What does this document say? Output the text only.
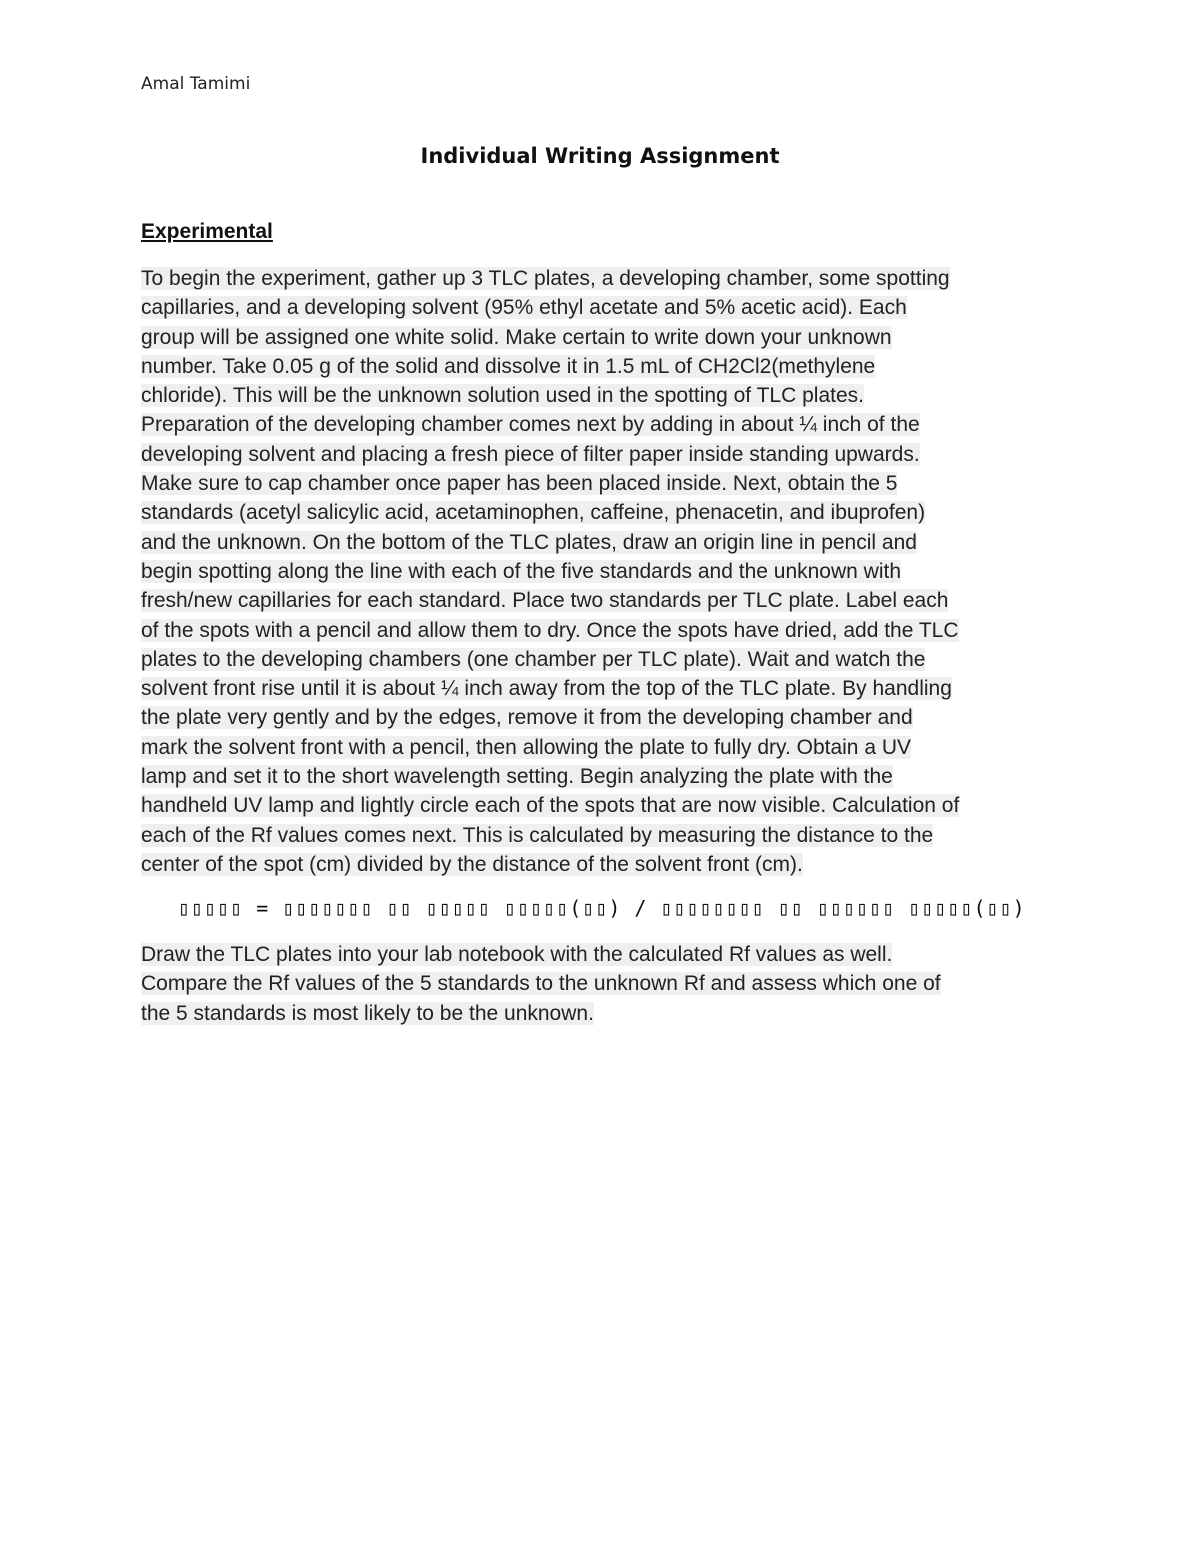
Amal Tamimi
Individual Writing Assignment
Experimental
To begin the experiment, gather up 3 TLC plates, a developing chamber, some spotting
capillaries, and a developing solvent (95% ethyl acetate and 5% acetic acid). Each
group will be assigned one white solid. Make certain to write down your unknown
number. Take 0.05 g of the solid and dissolve it in 1.5 mL of CH2Cl2(methylene
chloride). This will be the unknown solution used in the spotting of TLC plates.
Preparation of the developing chamber comes next by adding in about ¼ inch of the
developing solvent and placing a fresh piece of filter paper inside standing upwards.
Make sure to cap chamber once paper has been placed inside. Next, obtain the 5
standards (acetyl salicylic acid, acetaminophen, caffeine, phenacetin, and ibuprofen)
and the unknown. On the bottom of the TLC plates, draw an origin line in pencil and
begin spotting along the line with each of the five standards and the unknown with
fresh/new capillaries for each standard. Place two standards per TLC plate. Label each
of the spots with a pencil and allow them to dry. Once the spots have dried, add the TLC
plates to the developing chambers (one chamber per TLC plate). Wait and watch the
solvent front rise until it is about ¼ inch away from the top of the TLC plate. By handling
the plate very gently and by the edges, remove it from the developing chamber and
mark the solvent front with a pencil, then allowing the plate to fully dry. Obtain a UV
lamp and set it to the short wavelength setting. Begin analyzing the plate with the
handheld UV lamp and lightly circle each of the spots that are now visible. Calculation of
each of the Rf values comes next. This is calculated by measuring the distance to the
center of the spot (cm) divided by the distance of the solvent front (cm).
▯▯▯▯▯ = ▯▯▯▯▯▯▯ ▯▯ ▯▯▯▯▯ ▯▯▯▯▯(▯▯) / ▯▯▯▯▯▯▯▯ ▯▯ ▯▯▯▯▯▯ ▯▯▯▯▯(▯▯)
Draw the TLC plates into your lab notebook with the calculated Rf values as well.
Compare the Rf values of the 5 standards to the unknown Rf and assess which one of
the 5 standards is most likely to be the unknown.
